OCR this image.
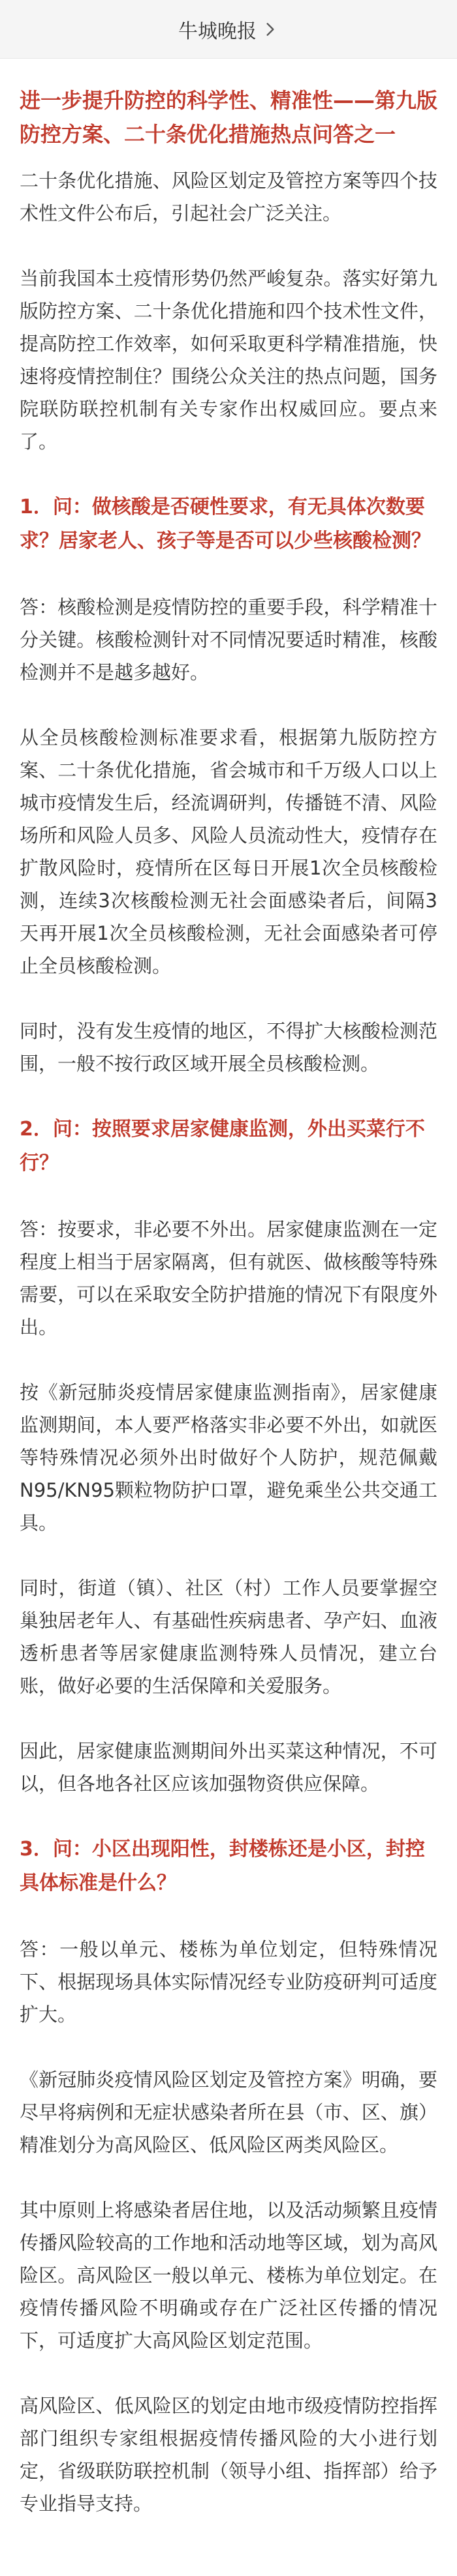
牛城晚报
进一步提升防控的科学性、精准性——第九版防控方案、二十条优化措施热点问答之一

二十条优化措施、风险区划定及管控方案等四个技术性文件公布后，引起社会广泛关注。

当前我国本土疫情形势仍然严峻复杂。落实好第九版防控方案、二十条优化措施和四个技术性文件，提高防控工作效率，如何采取更科学精准措施，快速将疫情控制住？围绕公众关注的热点问题，国务院联防联控机制有关专家作出权威回应。要点来了。

1．问：做核酸是否硬性要求，有无具体次数要求？居家老人、孩子等是否可以少些核酸检测？

答：核酸检测是疫情防控的重要手段，科学精准十分关键。核酸检测针对不同情况要适时精准，核酸检测并不是越多越好。

从全员核酸检测标准要求看，根据第九版防控方案、二十条优化措施，省会城市和千万级人口以上城市疫情发生后，经流调研判，传播链不清、风险场所和风险人员多、风险人员流动性大，疫情存在扩散风险时，疫情所在区每日开展1次全员核酸检测，连续3次核酸检测无社会面感染者后，间隔3天再开展1次全员核酸检测，无社会面感染者可停止全员核酸检测。

同时，没有发生疫情的地区，不得扩大核酸检测范围，一般不按行政区域开展全员核酸检测。

2．问：按照要求居家健康监测，外出买菜行不行？

答：按要求，非必要不外出。居家健康监测在一定程度上相当于居家隔离，但有就医、做核酸等特殊需要，可以在采取安全防护措施的情况下有限度外出。

按《新冠肺炎疫情居家健康监测指南》，居家健康监测期间，本人要严格落实非必要不外出，如就医等特殊情况必须外出时做好个人防护，规范佩戴N95/KN95颗粒物防护口罩，避免乘坐公共交通工具。

同时，街道（镇）、社区（村）工作人员要掌握空巢独居老年人、有基础性疾病患者、孕产妇、血液透析患者等居家健康监测特殊人员情况，建立台账，做好必要的生活保障和关爱服务。

因此，居家健康监测期间外出买菜这种情况，不可以，但各地各社区应该加强物资供应保障。

3．问：小区出现阳性，封楼栋还是小区，封控具体标准是什么？

答：一般以单元、楼栋为单位划定，但特殊情况下、根据现场具体实际情况经专业防疫研判可适度扩大。

《新冠肺炎疫情风险区划定及管控方案》明确，要尽早将病例和无症状感染者所在县（市、区、旗）精准划分为高风险区、低风险区两类风险区。

其中原则上将感染者居住地，以及活动频繁且疫情传播风险较高的工作地和活动地等区域，划为高风险区。高风险区一般以单元、楼栋为单位划定。在疫情传播风险不明确或存在广泛社区传播的情况下，可适度扩大高风险区划定范围。

高风险区、低风险区的划定由地市级疫情防控指挥部门组织专家组根据疫情传播风险的大小进行划定，省级联防联控机制（领导小组、指挥部）给予专业指导支持。
